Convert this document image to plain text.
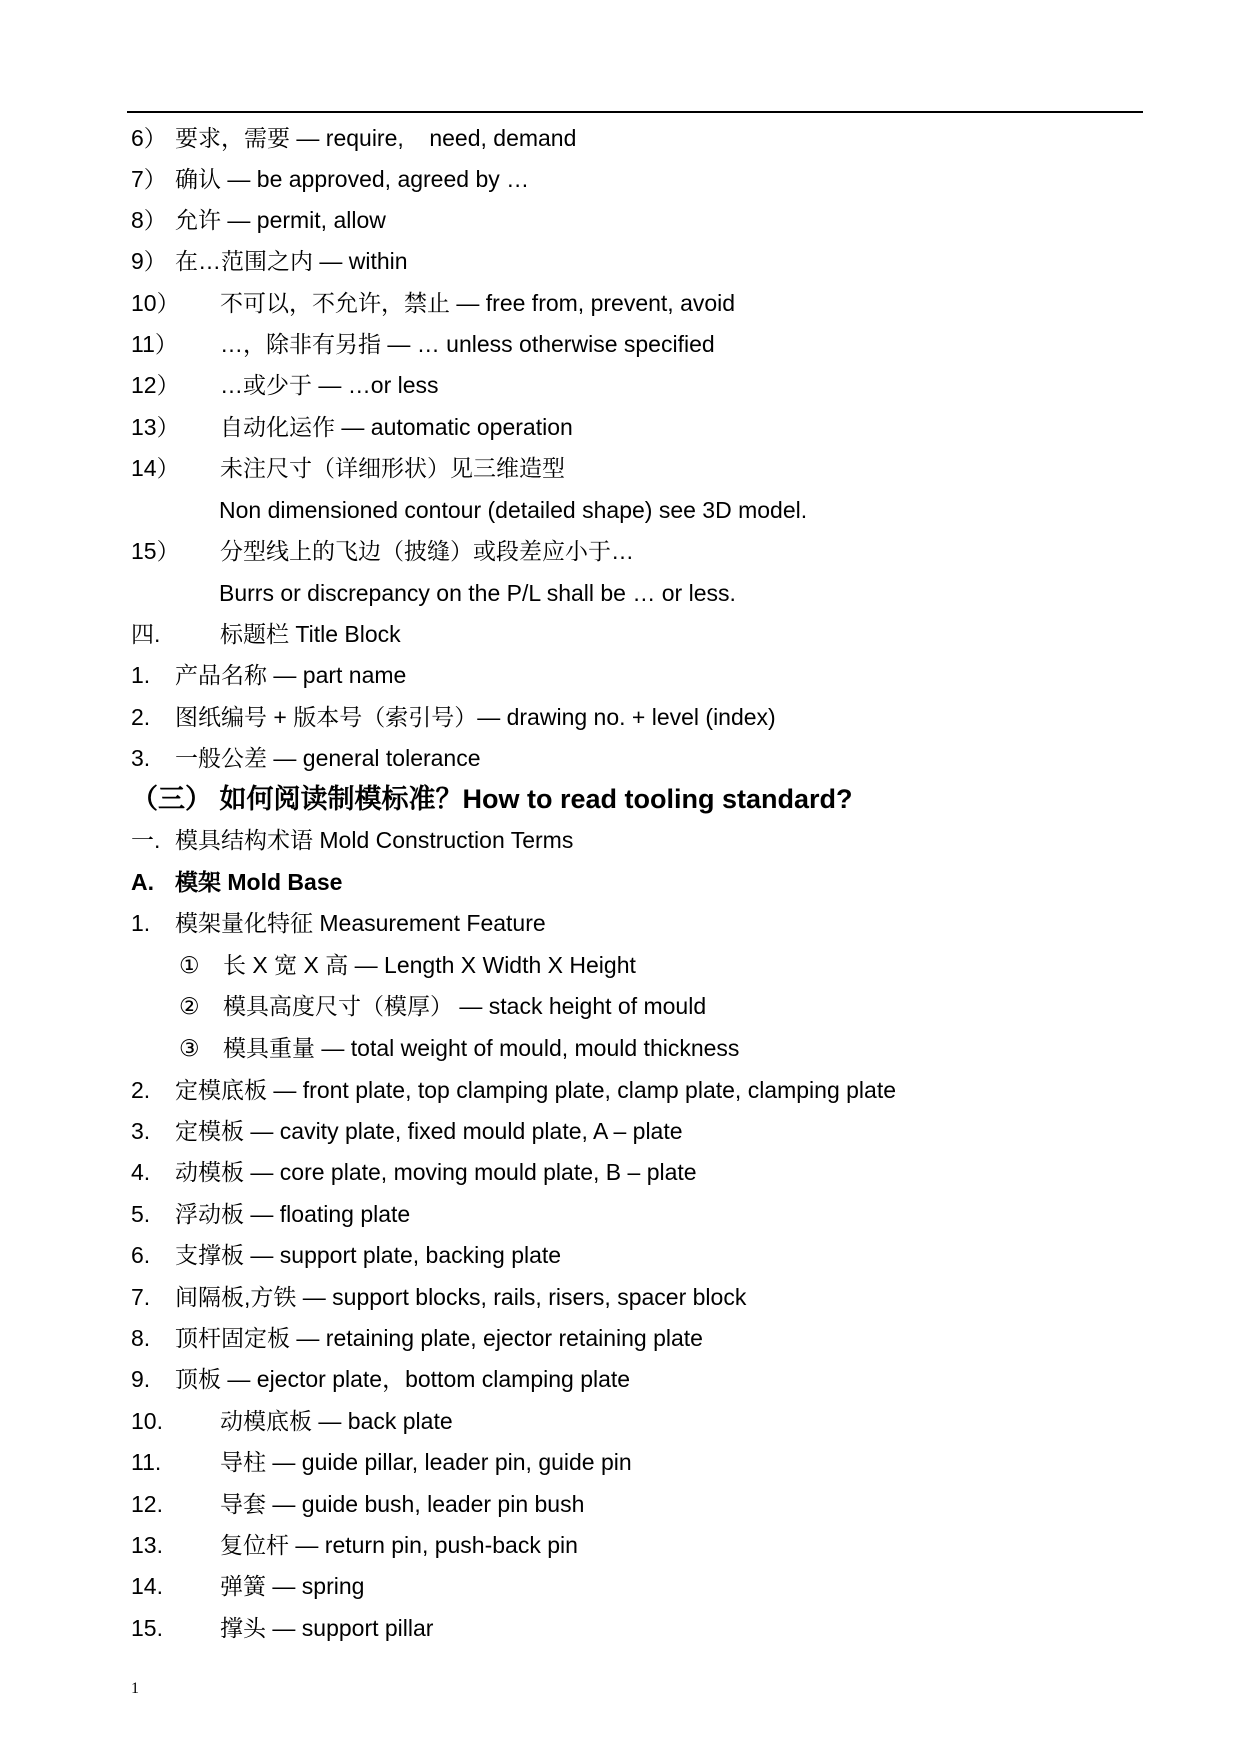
6） 要求，需要 — require,    need, demand
7） 确认 — be approved, agreed by …
8） 允许 — permit, allow
9） 在…范围之内 — within
10） 不可以，不允许，禁止 — free from, prevent, avoid
11） …，除非有另指 — … unless otherwise specified
12） …或少于 — …or less
13） 自动化运作 — automatic operation
14） 未注尺寸（详细形状）见三维造型
Non dimensioned contour (detailed shape) see 3D model.
15） 分型线上的飞边（披缝）或段差应小于…
Burrs or discrepancy on the P/L shall be … or less.
四.	标题栏 Title Block
1. 产品名称 — part name
2. 图纸编号 + 版本号（索引号）— drawing no. + level (index)
3. 一般公差 — general tolerance
（三） 如何阅读制模标准？How to read tooling standard?
一. 模具结构术语 Mold Construction Terms
A. 模架 Mold Base
1. 模架量化特征 Measurement Feature
① 长 X 宽 X 高 — Length X Width X Height
② 模具高度尺寸（模厚） — stack height of mould
③ 模具重量 — total weight of mould, mould thickness
2. 定模底板 — front plate, top clamping plate, clamp plate, clamping plate
3. 定模板 — cavity plate, fixed mould plate, A – plate
4. 动模板 — core plate, moving mould plate, B – plate
5. 浮动板 — floating plate
6. 支撑板 — support plate, backing plate
7. 间隔板,方铁 — support blocks, rails, risers, spacer block
8. 顶杆固定板 — retaining plate, ejector retaining plate
9. 顶板 — ejector plate，bottom clamping plate
10. 动模底板 — back plate
11.	导柱 — guide pillar, leader pin, guide pin
12. 导套 — guide bush, leader pin bush
13. 复位杆 — return pin, push-back pin
14. 弹簧 — spring
15. 撑头 — support pillar
1
